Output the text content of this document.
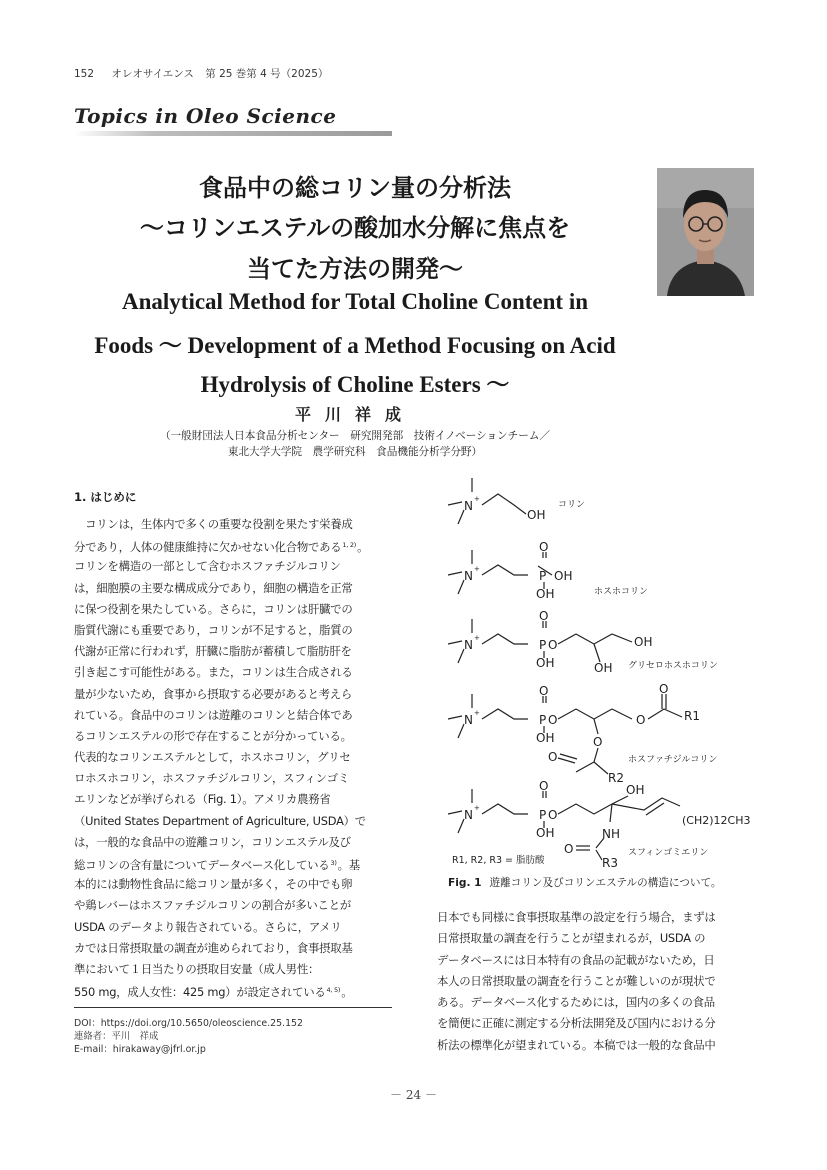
152 オレオサイエンス 第 25 巻第 4 号（2025）
Topics in Oleo Science
食品中の総コリン量の分析法
～コリンエステルの酸加水分解に焦点を
当てた方法の開発～
Analytical Method for Total Choline Content in
Foods ～ Development of a Method Focusing on Acid
Hydrolysis of Choline Esters ～
平川祥成
（一般財団法人日本食品分析センター　研究開発部　技術イノベーションチーム／
東北大学大学院　農学研究科　食品機能分析学分野）
1. はじめに
　コリンは，生体内で多くの重要な役割を果たす栄養成
分であり，人体の健康維持に欠かせない化合物である$^{1, 2)}$。
コリンを構造の一部として含むホスファチジルコリン
は，細胞膜の主要な構成成分であり，細胞の構造を正常
に保つ役割を果たしている。さらに，コリンは肝臓での
脂質代謝にも重要であり，コリンが不足すると，脂質の
代謝が正常に行われず，肝臓に脂肪が蓄積して脂肪肝を
引き起こす可能性がある。また，コリンは生合成される
量が少ないため，食事から摂取する必要があると考えら
れている。食品中のコリンは遊離のコリンと結合体であ
るコリンエステルの形で存在することが分かっている。
代表的なコリンエステルとして，ホスホコリン，グリセ
ロホスホコリン，ホスファチジルコリン，スフィンゴミ
エリンなどが挙げられる（Fig. 1）。アメリカ農務省
（United States Department of Agriculture, USDA）で
は，一般的な食品中の遊離コリン，コリンエステル及び
総コリンの含有量についてデータベース化している$^{3)}$。基
本的には動物性食品に総コリン量が多く，その中でも卵
や鶏レバーはホスファチジルコリンの割合が多いことが
USDA のデータより報告されている。さらに，アメリ
カでは日常摂取量の調査が進められており，食事摂取基
準において１日当たりの摂取目安量（成人男性：
550 mg，成人女性：425 mg）が設定されている$^{4, 5)}$。
N +
OH
N +
O
P OH
OH
N +
O
P O
OH
OH
OH
N +
O
P O
OH
O
O
R1
O
O
R2
N +
O
P O
OH
OH
(CH2)12CH3
NH
O
R3
コリン
ホスホコリン
グリセロホスホコリン
ホスファチジルコリン
スフィンゴミエリン
R1, R2, R3 = 脂肪酸
Fig. 1 遊離コリン及びコリンエステルの構造について。
日本でも同様に食事摂取基準の設定を行う場合，まずは
日常摂取量の調査を行うことが望まれるが，USDA の
データベースには日本特有の食品の記載がないため，日
本人の日常摂取量の調査を行うことが難しいのが現状で
ある。データベース化するためには，国内の多くの食品
を簡便に正確に測定する分析法開発及び国内における分
析法の標準化が望まれている。本稿では一般的な食品中
DOI：https://doi.org/10.5650/oleoscience.25.152
連絡者：平川　祥成
E-mail：hirakaway@jfrl.or.jp
－ 24 －
